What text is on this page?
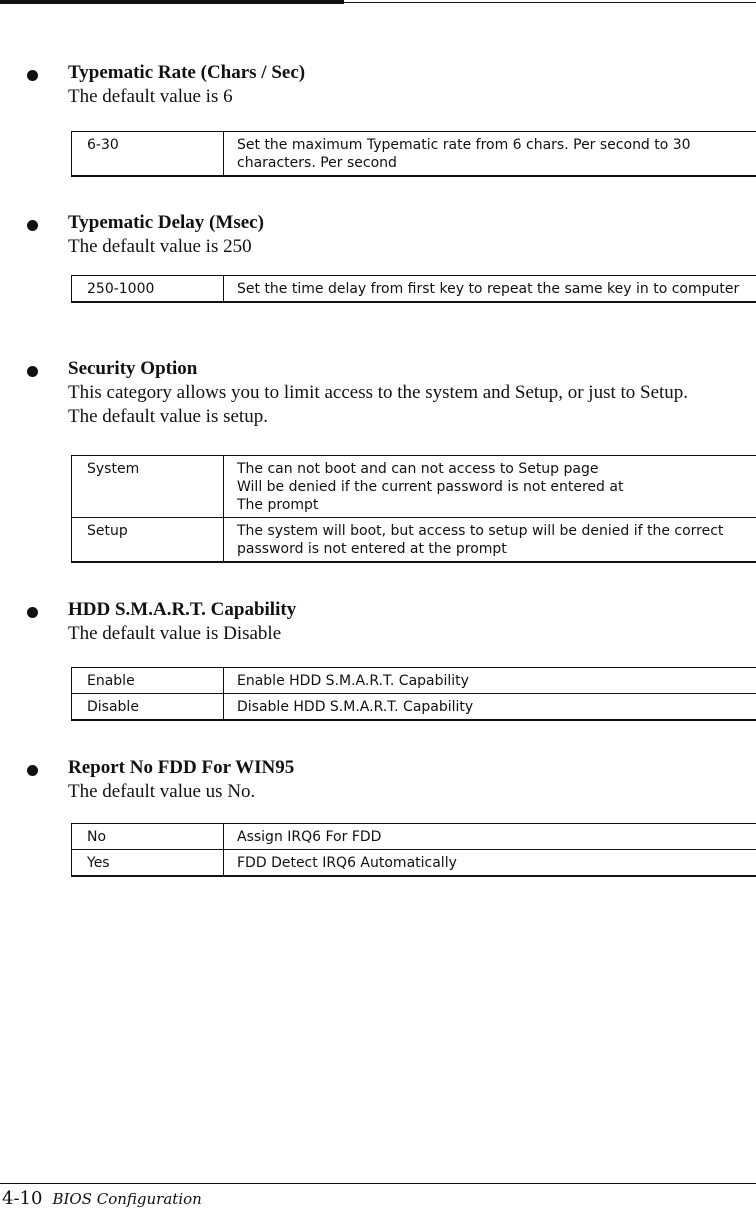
Typematic Rate (Chars / Sec)
The default value is 6
6-30	Set the maximum Typematic rate from 6 chars. Per second to 30 characters. Per second
Typematic Delay (Msec)
The default value is 250
250-1000	Set the time delay from first key to repeat the same key in to computer
Security Option
This category allows you to limit access to the system and Setup, or just to Setup.
The default value is setup.
System	The can not boot and can not access to Setup page
Will be denied if the current password is not entered at
The prompt

Setup	The system will boot, but access to setup will be denied if the correct password is not entered at the prompt
HDD S.M.A.R.T. Capability
The default value is Disable
Enable	Enable HDD S.M.A.R.T. Capability
Disable	Disable HDD S.M.A.R.T. Capability
Report No FDD For WIN95
The default value us No.
No	Assign IRQ6 For FDD
Yes	FDD Detect IRQ6 Automatically
4-10 BIOS Configuration
